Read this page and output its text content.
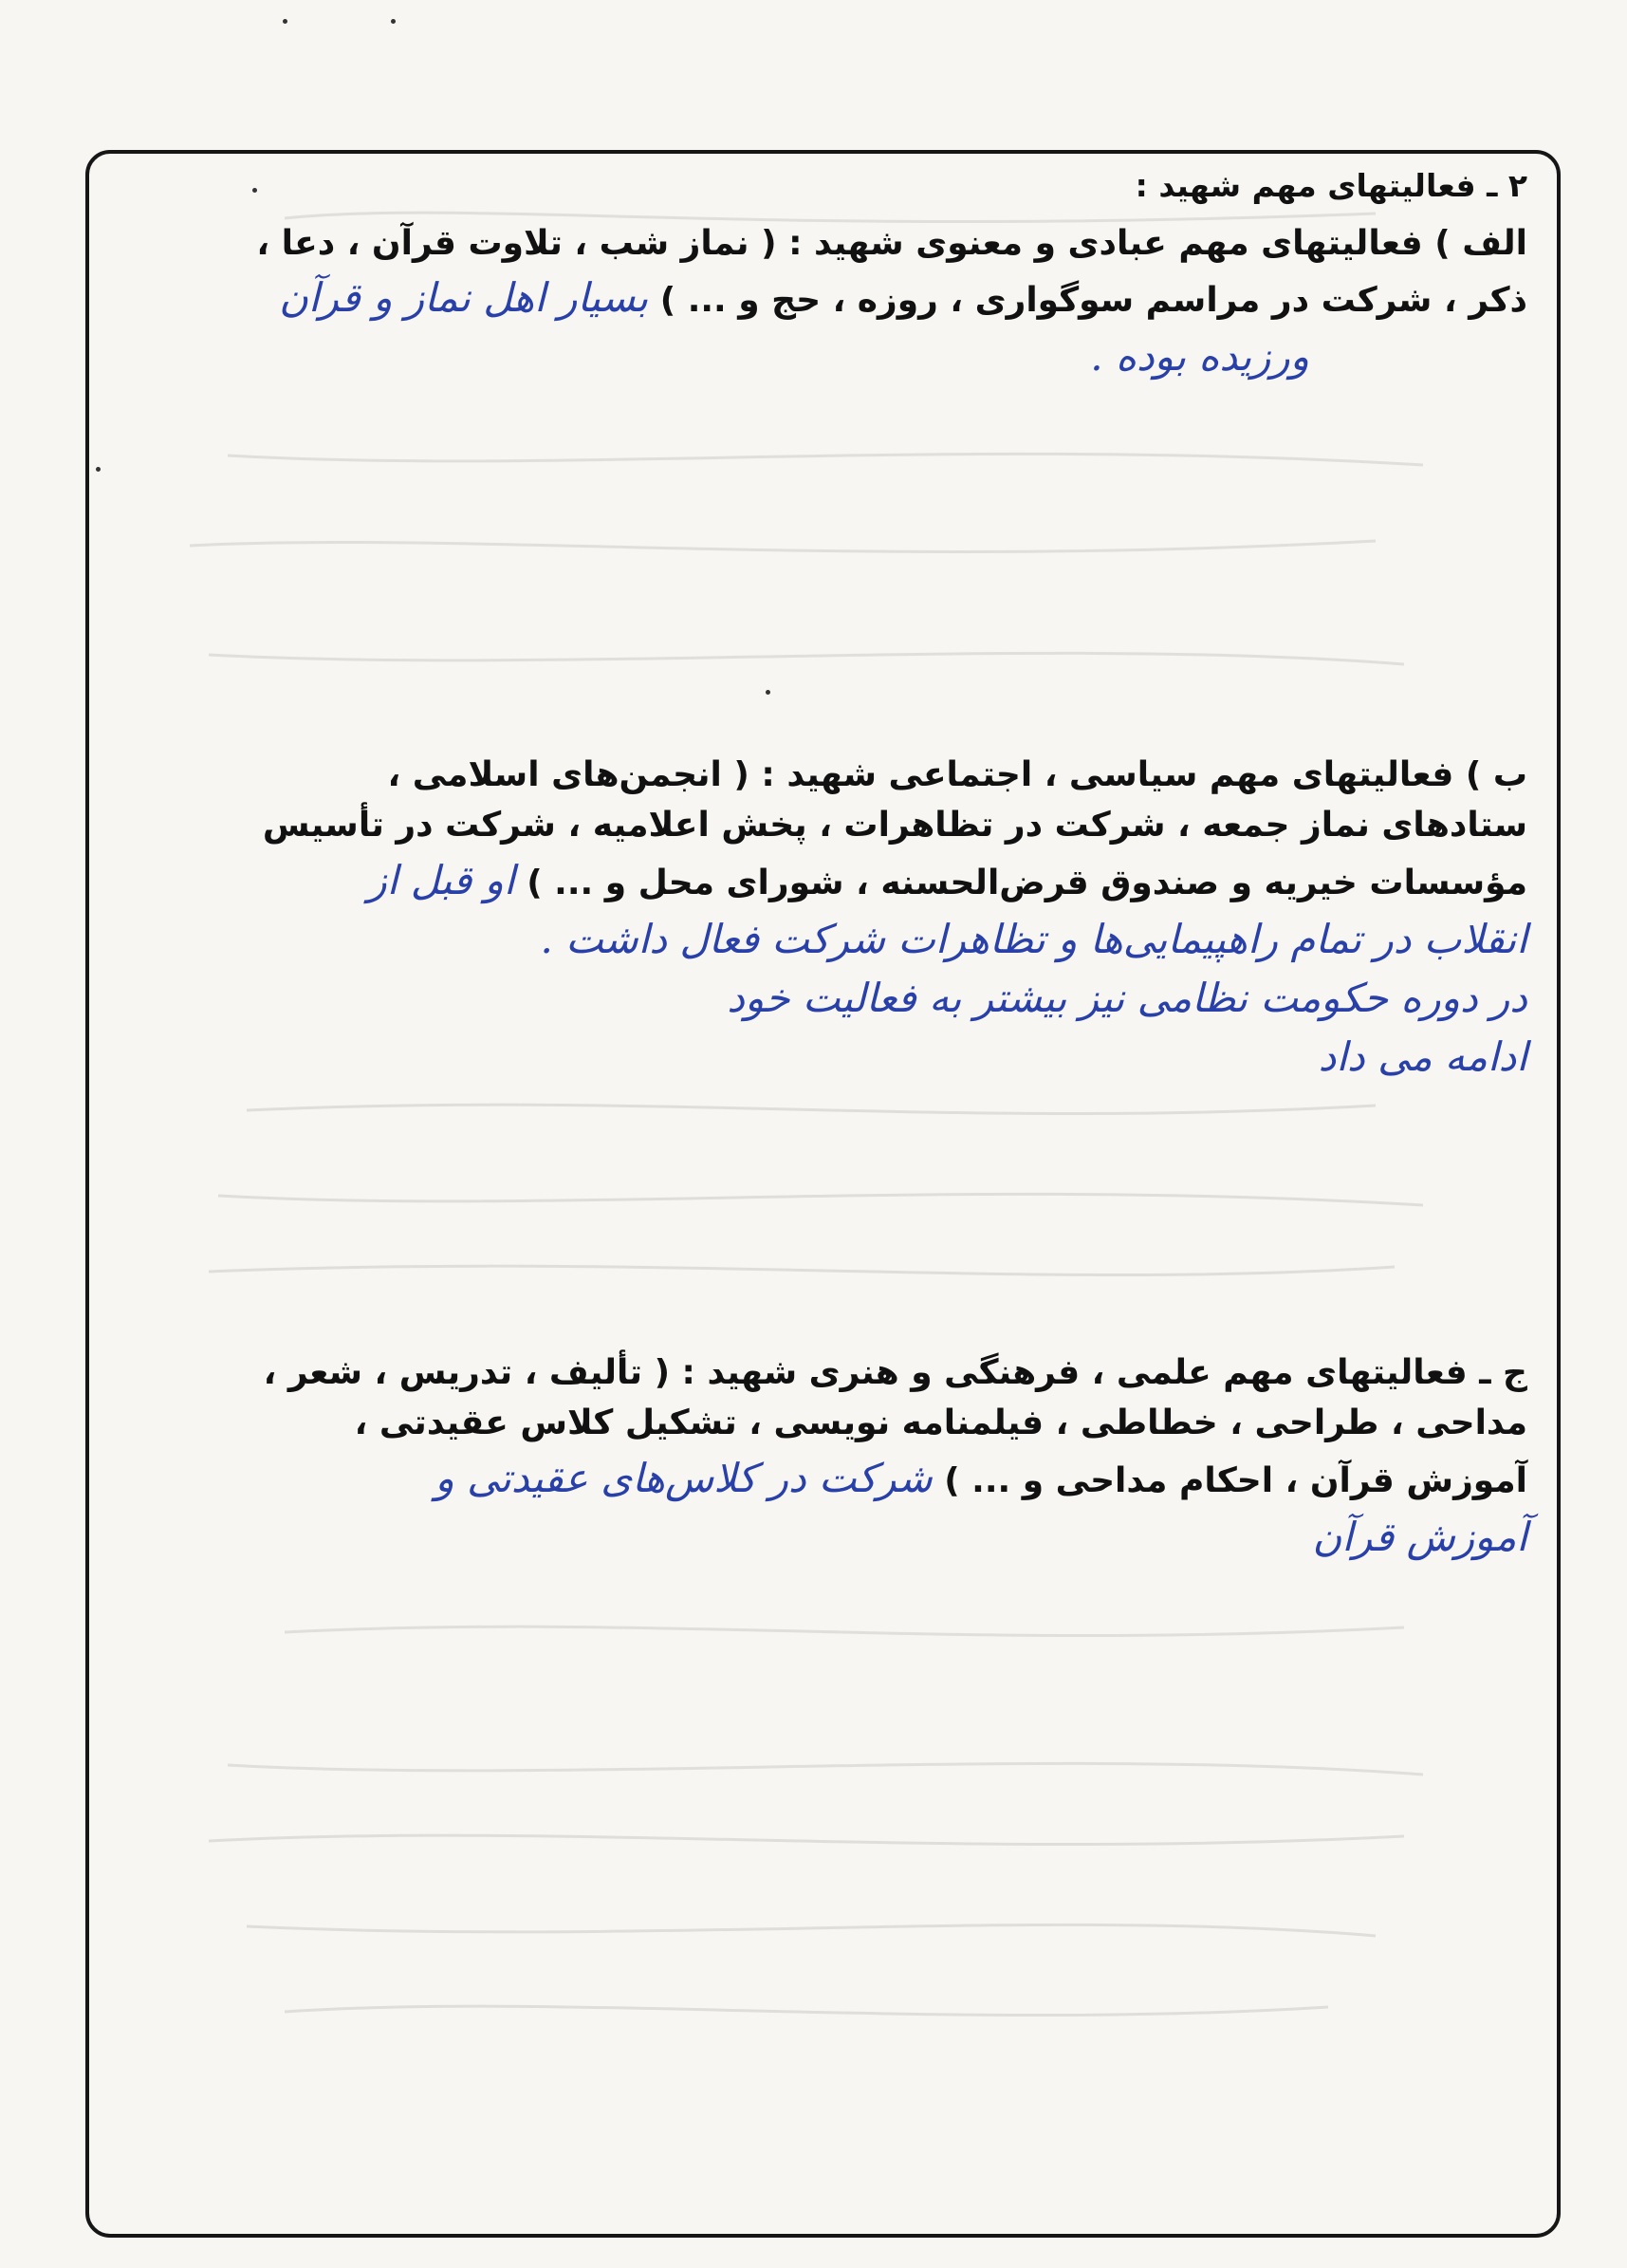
۲ ـ فعالیتهای مهم شهید :
الف ) فعالیتهای مهم عبادی و معنوی شهید : ( نماز شب ، تلاوت قرآن ، دعا ،
ذکر ، شرکت در مراسم سوگواری ، روزه ، حج و ... ) بسیار اهل نماز و قرآن
ورزیده بوده .
ب ) فعالیتهای مهم سیاسی ، اجتماعی شهید : ( انجمن‌های اسلامی ،
ستادهای نماز جمعه ، شرکت در تظاهرات ، پخش اعلامیه ، شرکت در تأسیس
مؤسسات خیریه و صندوق قرض‌الحسنه ، شورای محل و ... ) او قبل از
انقلاب در تمام راهپیمایی‌ها و تظاهرات شرکت فعال داشت .
در دوره حکومت نظامی نیز بیشتر به فعالیت خود
ادامه می داد
ج ـ فعالیتهای مهم علمی ، فرهنگی و هنری شهید : ( تألیف ، تدریس ، شعر ،
مداحی ، طراحی ، خطاطی ، فیلمنامه نویسی ، تشکیل کلاس عقیدتی ،
آموزش قرآن ، احکام مداحی و ... ) شرکت در کلاس‌های عقیدتی و
آموزش قرآن
